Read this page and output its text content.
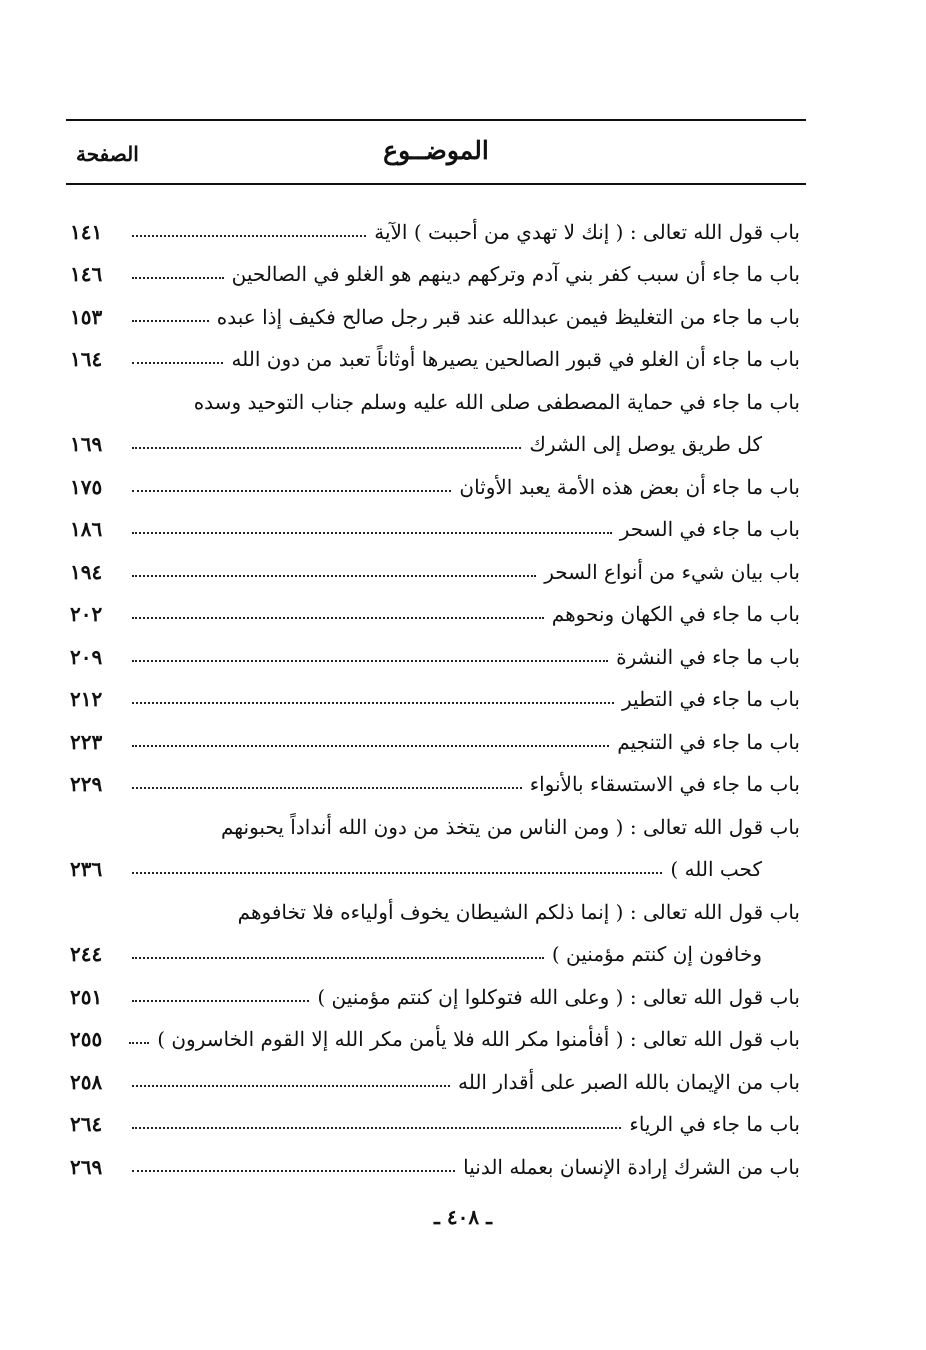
الموضــوع
الصفحة
باب قول الله تعالى : ( إنك لا تهدي من أحببت ) الآية
١٤١
باب ما جاء أن سبب كفر بني آدم وتركهم دينهم هو الغلو في الصالحين
١٤٦
باب ما جاء من التغليظ فيمن عبدالله عند قبر رجل صالح فكيف إذا عبده
١٥٣
باب ما جاء أن الغلو في قبور الصالحين يصيرها أوثاناً تعبد من دون الله
١٦٤
باب ما جاء في حماية المصطفى صلى الله عليه وسلم جناب التوحيد وسده
كل طريق يوصل إلى الشرك
١٦٩
باب ما جاء أن بعض هذه الأمة يعبد الأوثان
١٧٥
باب ما جاء في السحر
١٨٦
باب بيان شيء من أنواع السحر
١٩٤
باب ما جاء في الكهان ونحوهم
٢٠٢
باب ما جاء في النشرة
٢٠٩
باب ما جاء في التطير
٢١٢
باب ما جاء في التنجيم
٢٢٣
باب ما جاء في الاستسقاء بالأنواء
٢٢٩
باب قول الله تعالى : ( ومن الناس من يتخذ من دون الله أنداداً يحبونهم
كحب الله )
٢٣٦
باب قول الله تعالى : ( إنما ذلكم الشيطان يخوف أولياءه فلا تخافوهم
وخافون إن كنتم مؤمنين )
٢٤٤
باب قول الله تعالى : ( وعلى الله فتوكلوا إن كنتم مؤمنين )
٢٥١
باب قول الله تعالى : ( أفأمنوا مكر الله فلا يأمن مكر الله إلا القوم الخاسرون )
٢٥٥
باب من الإيمان بالله الصبر على أقدار الله
٢٥٨
باب ما جاء في الرياء
٢٦٤
باب من الشرك إرادة الإنسان بعمله الدنيا
٢٦٩
ـ ٤٠٨ ـ
